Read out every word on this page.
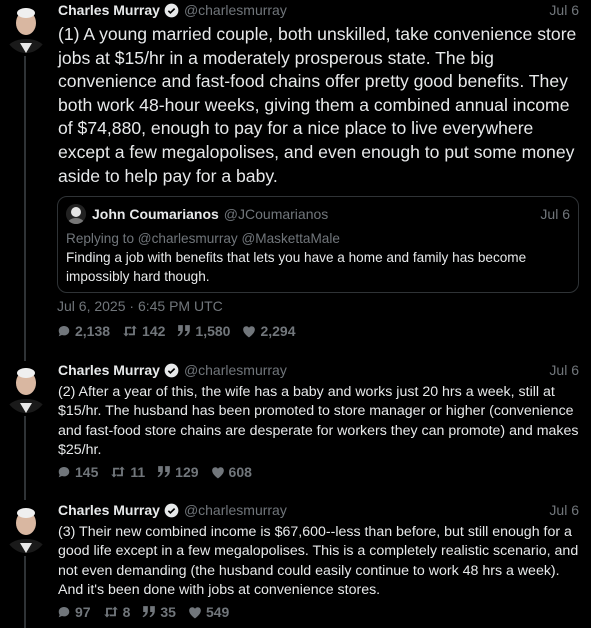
Charles Murray @charlesmurray	Jul 6
(1) A young married couple, both unskilled, take convenience store jobs at $15/hr in a moderately prosperous state. The big convenience and fast-food chains offer pretty good benefits. They both work 48-hour weeks, giving them a combined annual income of $74,880, enough to pay for a nice place to live everywhere except a few megalopolises, and even enough to put some money aside to help pay for a baby.
John Coumarianos @JCoumarianos	Jul 6
Replying to @charlesmurray @MaskettaMale
Finding a job with benefits that lets you have a home and family has become impossibly hard though.
Jul 6, 2025 · 6:45 PM UTC
2,138 142 1,580 2,294
Charles Murray @charlesmurray	Jul 6
(2) After a year of this, the wife has a baby and works just 20 hrs a week, still at $15/hr. The husband has been promoted to store manager or higher (convenience and fast-food store chains are desperate for workers they can promote) and makes $25/hr.
145 11 129 608
Charles Murray @charlesmurray	Jul 6
(3) Their new combined income is $67,600--less than before, but still enough for a good life except in a few megalopolises. This is a completely realistic scenario, and not even demanding (the husband could easily continue to work 48 hrs a week). And it's been done with jobs at convenience stores.
97 8 35 549
